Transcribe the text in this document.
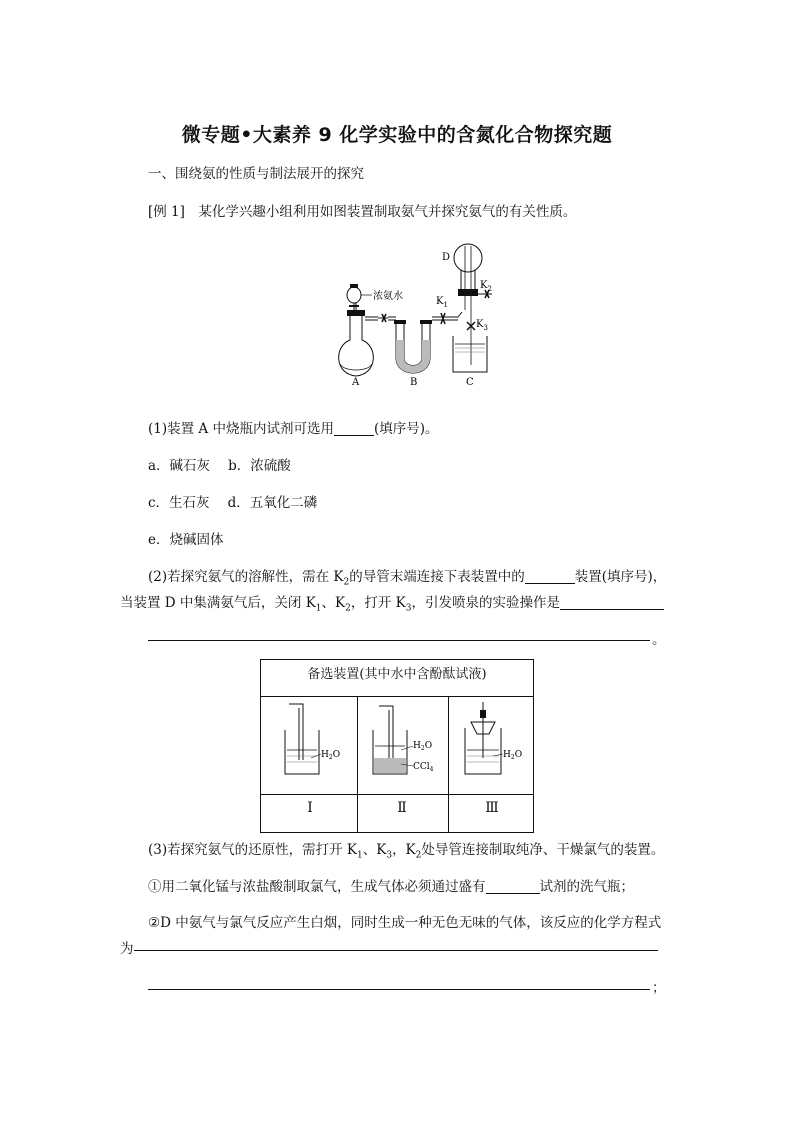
微专题•大素养 9 化学实验中的含氮化合物探究题
一、围绕氨的性质与制法展开的探究
[例 1]　某化学兴趣小组利用如图装置制取氨气并探究氨气的有关性质。
浓氨水	$K_1$
D
$K_2$
$K_3$
A	B	C
(1)装置 A 中烧瓶内试剂可选用	(填序号)。
a．碱石灰 b．浓硫酸
c．生石灰 d．五氧化二磷
e．烧碱固体
(2)若探究氨气的溶解性，需在 $K_2$的导管末端连接下表装置中的	装置(填序号)，
当装置 D 中集满氨气后，关闭 $K_1$、$K_2$，打开 $K_3$，引发喷泉的实验操作是
。
备选装置(其中水中含酚酞试液)
$H_2O$
$H_2O$
CCl$_4$
$H_2O$
Ⅰ	Ⅱ	Ⅲ
(3)若探究氨气的还原性，需打开 $K_1$、$K_3$，$K_2$处导管连接制取纯净、干燥氯气的装置。
①用二氧化锰与浓盐酸制取氯气，生成气体必须通过盛有	试剂的洗气瓶；
②D 中氨气与氯气反应产生白烟，同时生成一种无色无味的气体，该反应的化学方程式
为
；
